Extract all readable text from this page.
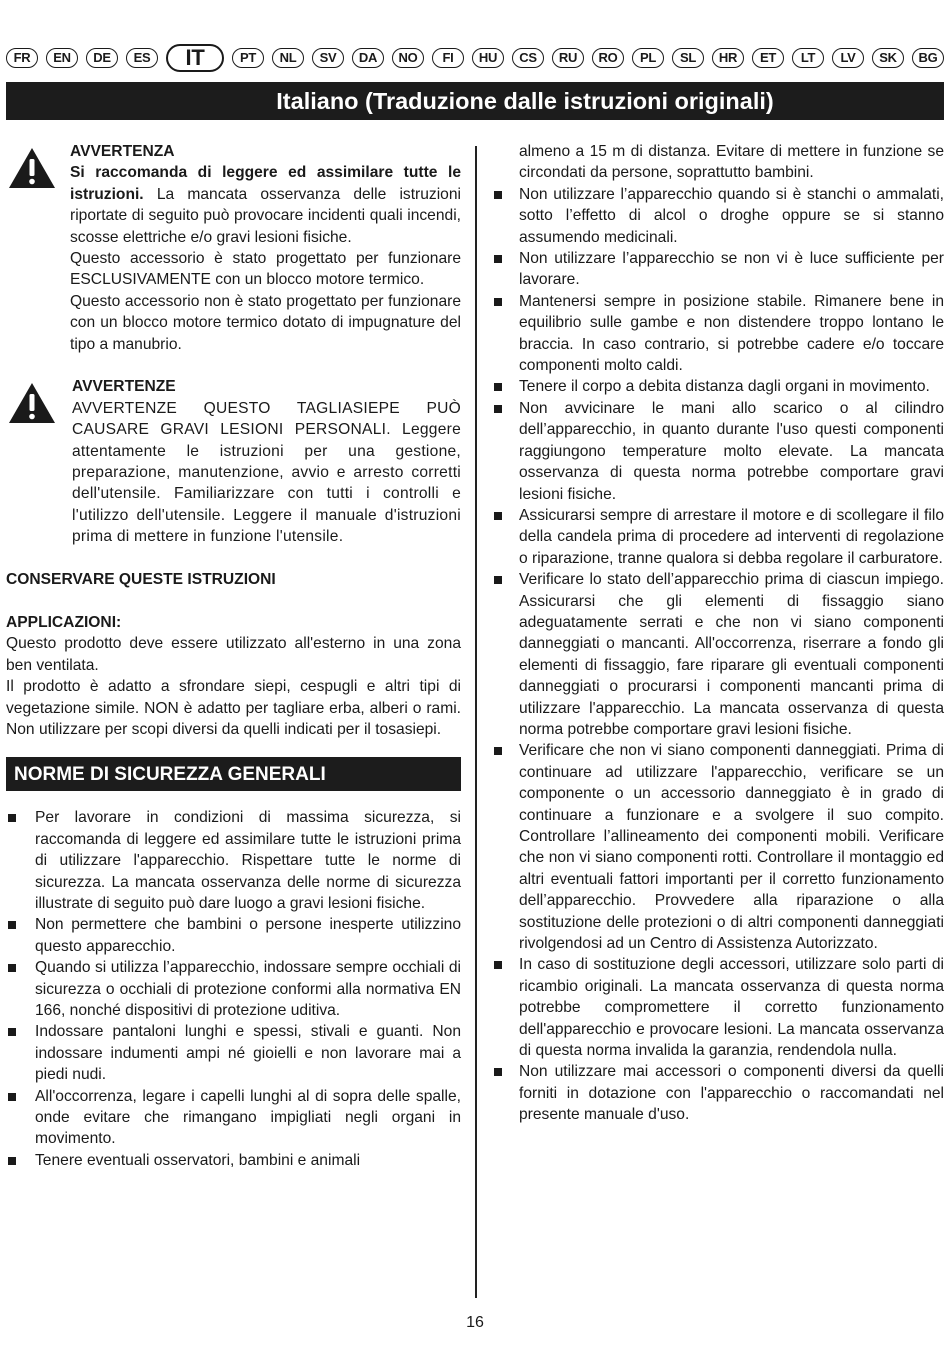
FR	EN	DE	ES	IT	PT	NL	SV	DA	NO	FI	HU	CS	RU	RO	PL	SL	HR	ET	LT	LV	SK	BG
Italiano (Traduzione dalle istruzioni originali)

AVVERTENZA

Si raccomanda di leggere ed assimilare tutte le istruzioni. La mancata osservanza delle istruzioni riportate di seguito può provocare incidenti quali incendi, scosse elettriche e/o gravi lesioni fisiche.

Questo accessorio è stato progettato per funzionare ESCLUSIVAMENTE con un blocco motore termico.

Questo accessorio non è stato progettato per funzionare con un blocco motore termico dotato di impugnature del tipo a manubrio.

AVVERTENZE

AVVERTENZE QUESTO TAGLIASIEPE PUÒ CAUSARE GRAVI LESIONI PERSONALI. Leggere attentamente le istruzioni per una gestione, preparazione, manutenzione, avvio e arresto corretti dell'utensile. Familiarizzare con tutti i controlli e l'utilizzo dell'utensile. Leggere il manuale d'istruzioni prima di mettere in funzione l'utensile.

CONSERVARE QUESTE ISTRUZIONI

APPLICAZIONI:

Questo prodotto deve essere utilizzato all'esterno in una zona ben ventilata.

Il prodotto è adatto a sfrondare siepi, cespugli e altri tipi di vegetazione simile. NON è adatto per tagliare erba, alberi o rami. Non utilizzare per scopi diversi da quelli indicati per il tosasiepi.

NORME DI SICUREZZA GENERALI
Per lavorare in condizioni di massima sicurezza, si raccomanda di leggere ed assimilare tutte le istruzioni prima di utilizzare l'apparecchio. Rispettare tutte le norme di sicurezza. La mancata osservanza delle norme di sicurezza illustrate di seguito può dare luogo a gravi lesioni fisiche.
Non permettere che bambini o persone inesperte utilizzino questo apparecchio.
Quando si utilizza l’apparecchio, indossare sempre occhiali di sicurezza o occhiali di protezione conformi alla normativa EN 166, nonché dispositivi di protezione uditiva.
Indossare pantaloni lunghi e spessi, stivali e guanti. Non indossare indumenti ampi né gioielli e non lavorare mai a piedi nudi.
All'occorrenza, legare i capelli lunghi al di sopra delle spalle, onde evitare che rimangano impigliati negli organi in movimento.
Tenere eventuali osservatori, bambini e animali

almeno a 15 m di distanza. Evitare di mettere in funzione se circondati da persone, soprattutto bambini.

Non utilizzare l’apparecchio quando si è stanchi o ammalati, sotto l’effetto di alcol o droghe oppure se si stanno assumendo medicinali.
Non utilizzare l’apparecchio se non vi è luce sufficiente per lavorare.
Mantenersi sempre in posizione stabile. Rimanere bene in equilibrio sulle gambe e non distendere troppo lontano le braccia. In caso contrario, si potrebbe cadere e/o toccare componenti molto caldi.
Tenere il corpo a debita distanza dagli organi in movimento.
Non avvicinare le mani allo scarico o al cilindro dell’apparecchio, in quanto durante l'uso questi componenti raggiungono temperature molto elevate. La mancata osservanza di questa norma potrebbe comportare gravi lesioni fisiche.
Assicurarsi sempre di arrestare il motore e di scollegare il filo della candela prima di procedere ad interventi di regolazione o riparazione, tranne qualora si debba regolare il carburatore.
Verificare lo stato dell’apparecchio prima di ciascun impiego. Assicurarsi che gli elementi di fissaggio siano adeguatamente serrati e che non vi siano componenti danneggiati o mancanti. All'occorrenza, riserrare a fondo gli elementi di fissaggio, fare riparare gli eventuali componenti danneggiati o procurarsi i componenti mancanti prima di utilizzare l'apparecchio. La mancata osservanza di questa norma potrebbe comportare gravi lesioni fisiche.
Verificare che non vi siano componenti danneggiati. Prima di continuare ad utilizzare l'apparecchio, verificare se un componente o un accessorio danneggiato è in grado di continuare a funzionare e a svolgere il suo compito. Controllare l’allineamento dei componenti mobili. Verificare che non vi siano componenti rotti. Controllare il montaggio ed altri eventuali fattori importanti per il corretto funzionamento dell’apparecchio. Provvedere alla riparazione o alla sostituzione delle protezioni o di altri componenti danneggiati rivolgendosi ad un Centro di Assistenza Autorizzato.
In caso di sostituzione degli accessori, utilizzare solo parti di ricambio originali. La mancata osservanza di questa norma potrebbe compromettere il corretto funzionamento dell'apparecchio e provocare lesioni. La mancata osservanza di questa norma invalida la garanzia, rendendola nulla.
Non utilizzare mai accessori o componenti diversi da quelli forniti in dotazione con l'apparecchio o raccomandati nel presente manuale d'uso.
16
